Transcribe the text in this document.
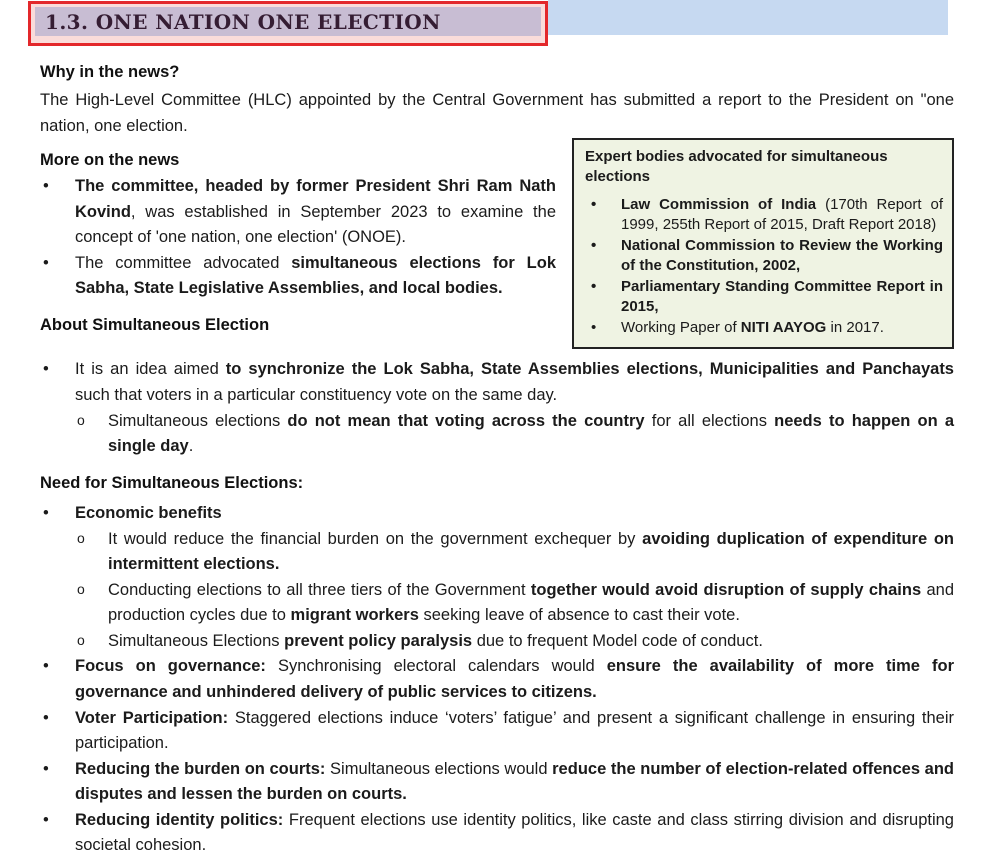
1.3. ONE NATION ONE ELECTION
Why in the news?
The High-Level Committee (HLC) appointed by the Central Government has submitted a report to the President on "one nation, one election.
Expert bodies advocated for simultaneous elections
•	Law Commission of India (170th Report of 1999, 255th Report of 2015, Draft Report 2018)
•	National Commission to Review the Working of the Constitution, 2002,
•	Parliamentary Standing Committee Report in 2015,
•	Working Paper of NITI AAYOG in 2017.
More on the news
•	The committee, headed by former President Shri Ram Nath Kovind, was established in September 2023 to examine the concept of 'one nation, one election' (ONOE).
•	The committee advocated simultaneous elections for Lok Sabha, State Legislative Assemblies, and local bodies.
About Simultaneous Election
•	It is an idea aimed to synchronize the Lok Sabha, State Assemblies elections, Municipalities and Panchayats such that voters in a particular constituency vote on the same day.
o	Simultaneous elections do not mean that voting across the country for all elections needs to happen on a single day.
Need for Simultaneous Elections:
•	Economic benefits
o	It would reduce the financial burden on the government exchequer by avoiding duplication of expenditure on intermittent elections.
o	Conducting elections to all three tiers of the Government together would avoid disruption of supply chains and production cycles due to migrant workers seeking leave of absence to cast their vote.
o	Simultaneous Elections prevent policy paralysis due to frequent Model code of conduct.
•	Focus on governance: Synchronising electoral calendars would ensure the availability of more time for governance and unhindered delivery of public services to citizens.
•	Voter Participation: Staggered elections induce ‘voters’ fatigue’ and present a significant challenge in ensuring their participation.
•	Reducing the burden on courts: Simultaneous elections would reduce the number of election-related offences and disputes and lessen the burden on courts.
•	Reducing identity politics: Frequent elections use identity politics, like caste and class stirring division and disrupting societal cohesion.
